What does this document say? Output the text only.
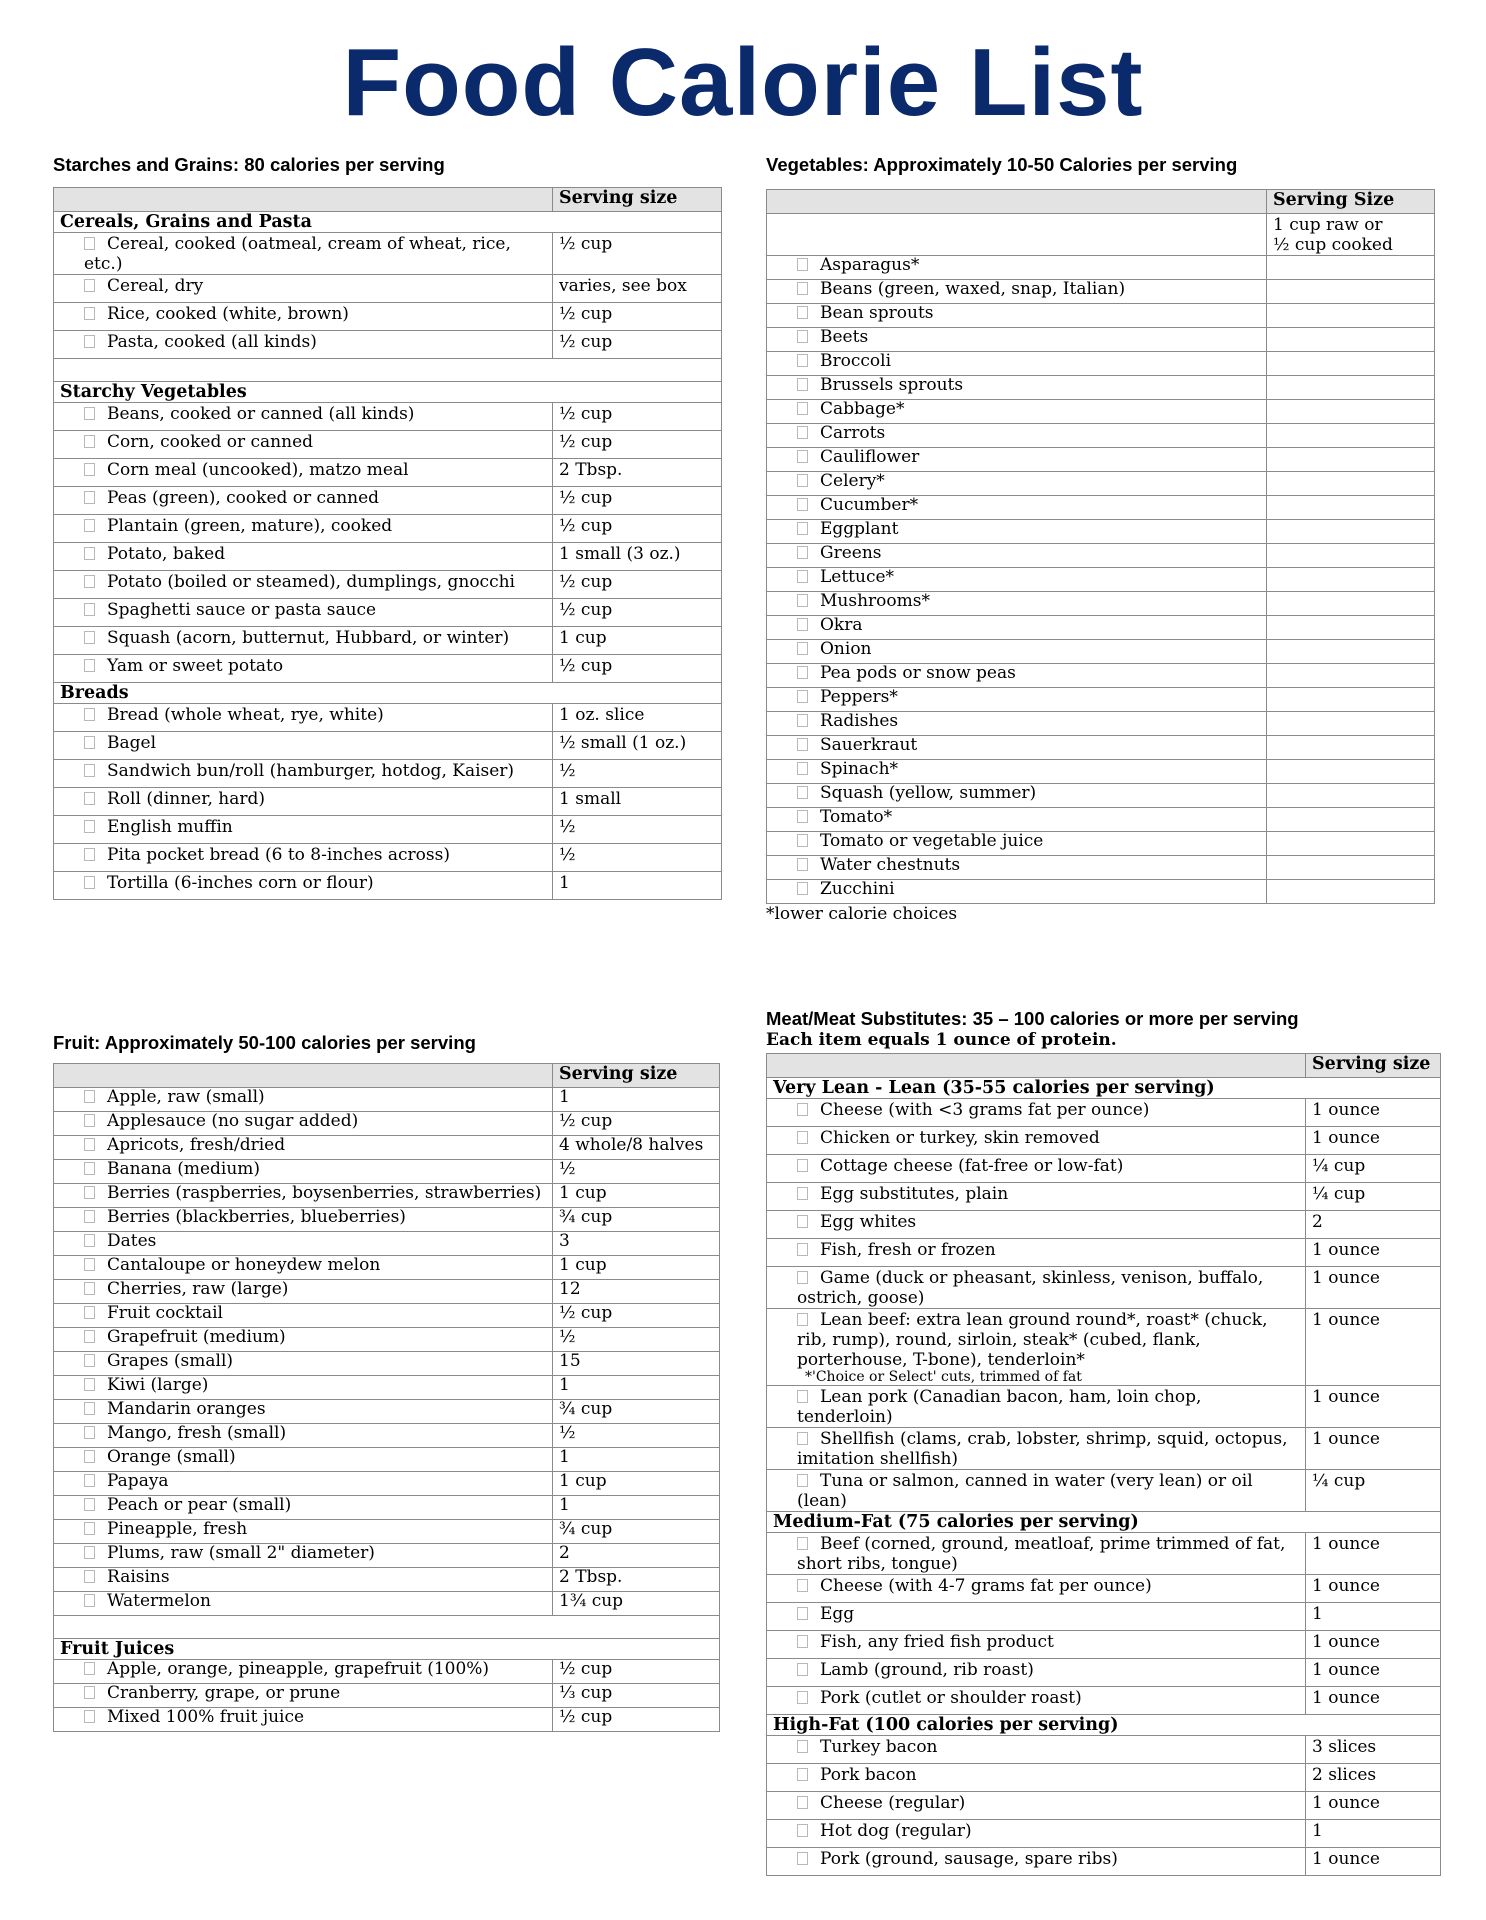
Food Calorie List
Starches and Grains: 80 calories per serving
	Serving size
Cereals, Grains and Pasta	
Cereal, cooked (oatmeal, cream of wheat, rice, etc.)	½ cup
Cereal, dry	varies, see box
Rice, cooked (white, brown)	½ cup
Pasta, cooked (all kinds)	½ cup

Starchy Vegetables	
Beans, cooked or canned (all kinds)	½ cup
Corn, cooked or canned	½ cup
Corn meal (uncooked), matzo meal	2 Tbsp.
Peas (green), cooked or canned	½ cup
Plantain (green, mature), cooked	½ cup
Potato, baked	1 small (3 oz.)
Potato (boiled or steamed), dumplings, gnocchi	½ cup
Spaghetti sauce or pasta sauce	½ cup
Squash (acorn, butternut, Hubbard, or winter)	1 cup
Yam or sweet potato	½ cup
Breads	
Bread (whole wheat, rye, white)	1 oz. slice
Bagel	½ small (1 oz.)
Sandwich bun/roll (hamburger, hotdog, Kaiser)	½
Roll (dinner, hard)	1 small
English muffin	½
Pita pocket bread (6 to 8-inches across)	½
Tortilla (6-inches corn or flour)	1
Vegetables: Approximately 10-50 Calories per serving
	Serving Size

	1 cup raw or
½ cup cooked

Asparagus*	
Beans (green, waxed, snap, Italian)	
Bean sprouts	
Beets	
Broccoli	
Brussels sprouts	
Cabbage*	
Carrots	
Cauliflower	
Celery*	
Cucumber*	
Eggplant	
Greens	
Lettuce*	
Mushrooms*	
Okra	
Onion	
Pea pods or snow peas	
Peppers*	
Radishes	
Sauerkraut	
Spinach*	
Squash (yellow, summer)	
Tomato*	
Tomato or vegetable juice	
Water chestnuts	
Zucchini	
*lower calorie choices
Fruit: Approximately 50-100 calories per serving
	Serving size
Apple, raw (small)	1
Applesauce (no sugar added)	½ cup
Apricots, fresh/dried	4 whole/8 halves
Banana (medium)	½
Berries (raspberries, boysenberries, strawberries)	1 cup
Berries (blackberries, blueberries)	¾ cup
Dates	3
Cantaloupe or honeydew melon	1 cup
Cherries, raw (large)	12
Fruit cocktail	½ cup
Grapefruit (medium)	½
Grapes (small)	15
Kiwi (large)	1
Mandarin oranges	¾ cup
Mango, fresh (small)	½
Orange (small)	1
Papaya	1 cup
Peach or pear (small)	1
Pineapple, fresh	¾ cup
Plums, raw (small 2" diameter)	2
Raisins	2 Tbsp.
Watermelon	1¾ cup

Fruit Juices	
Apple, orange, pineapple, grapefruit (100%)	½ cup
Cranberry, grape, or prune	⅓ cup
Mixed 100% fruit juice	½ cup
Meat/Meat Substitutes: 35 – 100 calories or more per serving
Each item equals 1 ounce of protein.
	Serving size
Very Lean - Lean (35-55 calories per serving)	
Cheese (with <3 grams fat per ounce)	1 ounce
Chicken or turkey, skin removed	1 ounce
Cottage cheese (fat-free or low-fat)	¼ cup
Egg substitutes, plain	¼ cup
Egg whites	2
Fish, fresh or frozen	1 ounce
Game (duck or pheasant, skinless, venison, buffalo, ostrich, goose)	1 ounce
Lean beef: extra lean ground round*, roast* (chuck, rib, rump), round, sirloin, steak* (cubed, flank, porterhouse, T-bone), tenderloin*
*'Choice or Select' cuts, trimmed of fat	1 ounce
Lean pork (Canadian bacon, ham, loin chop, tenderloin)	1 ounce
Shellfish (clams, crab, lobster, shrimp, squid, octopus, imitation shellfish)	1 ounce
Tuna or salmon, canned in water (very lean) or oil (lean)	¼ cup
Medium-Fat (75 calories per serving)	
Beef (corned, ground, meatloaf, prime trimmed of fat, short ribs, tongue)	1 ounce
Cheese (with 4-7 grams fat per ounce)	1 ounce
Egg	1
Fish, any fried fish product	1 ounce
Lamb (ground, rib roast)	1 ounce
Pork (cutlet or shoulder roast)	1 ounce
High-Fat (100 calories per serving)	
Turkey bacon	3 slices
Pork bacon	2 slices
Cheese (regular)	1 ounce
Hot dog (regular)	1
Pork (ground, sausage, spare ribs)	1 ounce
